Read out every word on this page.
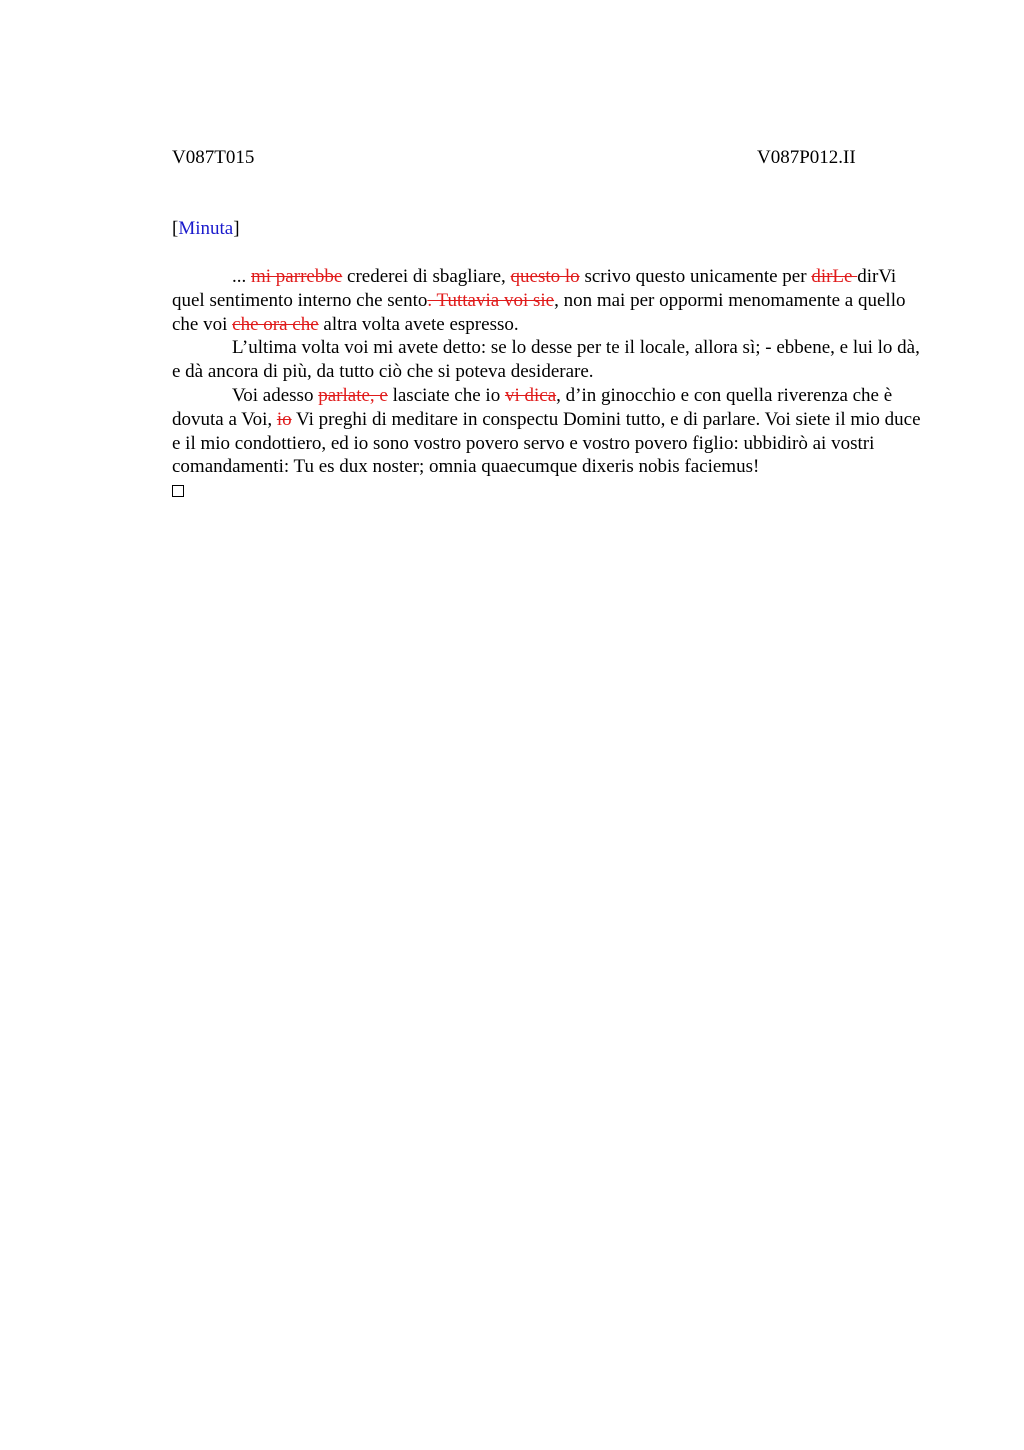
V087T015	V087P012.II
[Minuta]

... mi parrebbe crederei di sbagliare, questo lo scrivo questo unicamente per dirLe dirVi quel sentimento interno che sento. Tuttavia voi sie, non mai per oppormi menomamente a quello che voi che ora che altra volta avete espresso.

L’ultima volta voi mi avete detto: se lo desse per te il locale, allora sì; - ebbene, e lui lo dà, e dà ancora di più, da tutto ciò che si poteva desiderare.

Voi adesso parlate, e lasciate che io vi dica, d’in ginocchio e con quella riverenza che è dovuta a Voi, io Vi preghi di meditare in conspectu Domini tutto, e di parlare. Voi siete il mio duce e il mio condottiero, ed io sono vostro povero servo e vostro povero figlio: ubbidirò ai vostri comandamenti: Tu es dux noster; omnia quaecumque dixeris nobis faciemus!
